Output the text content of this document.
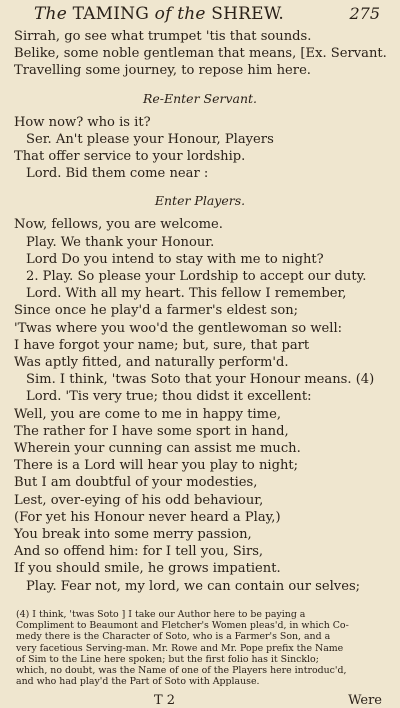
The TAMING of the SHREW.	275
Sirrah, go see what trumpet 'tis that sounds.
Belike, some noble gentleman that means, [Ex. Servant.
Travelling some journey, to repose him here.
Re-Enter Servant.
How now? who is it?
Ser. An't please your Honour, Players
That offer service to your lordship.
Lord. Bid them come near :
Enter Players.
Now, fellows, you are welcome.
Play. We thank your Honour.
Lord Do you intend to stay with me to night?
2. Play. So please your Lordship to accept our duty.
Lord. With all my heart. This fellow I remember,
Since once he play'd a farmer's eldest son;
'Twas where you woo'd the gentlewoman so well:
I have forgot your name; but, sure, that part
Was aptly fitted, and naturally perform'd.
Sim. I think, 'twas Soto that your Honour means. (4)
Lord. 'Tis very true; thou didst it excellent:
Well, you are come to me in happy time,
The rather for I have some sport in hand,
Wherein your cunning can assist me much.
There is a Lord will hear you play to night;
But I am doubtful of your modesties,
Lest, over-eying of his odd behaviour,
(For yet his Honour never heard a Play,)
You break into some merry passion,
And so offend him: for I tell you, Sirs,
If you should smile, he grows impatient.
Play. Fear not, my lord, we can contain our selves;
(4) I think, 'twas Soto ] I take our Author here to be paying a
Compliment to Beaumont and Fletcher's Women pleas'd, in which Co-
medy there is the Character of Soto, who is a Farmer's Son, and a
very facetious Serving-man. Mr. Rowe and Mr. Pope prefix the Name
of Sim to the Line here spoken; but the first folio has it Sincklo;
which, no doubt, was the Name of one of the Players here introduc'd,
and who had play'd the Part of Soto with Applause.
T 2	Were
